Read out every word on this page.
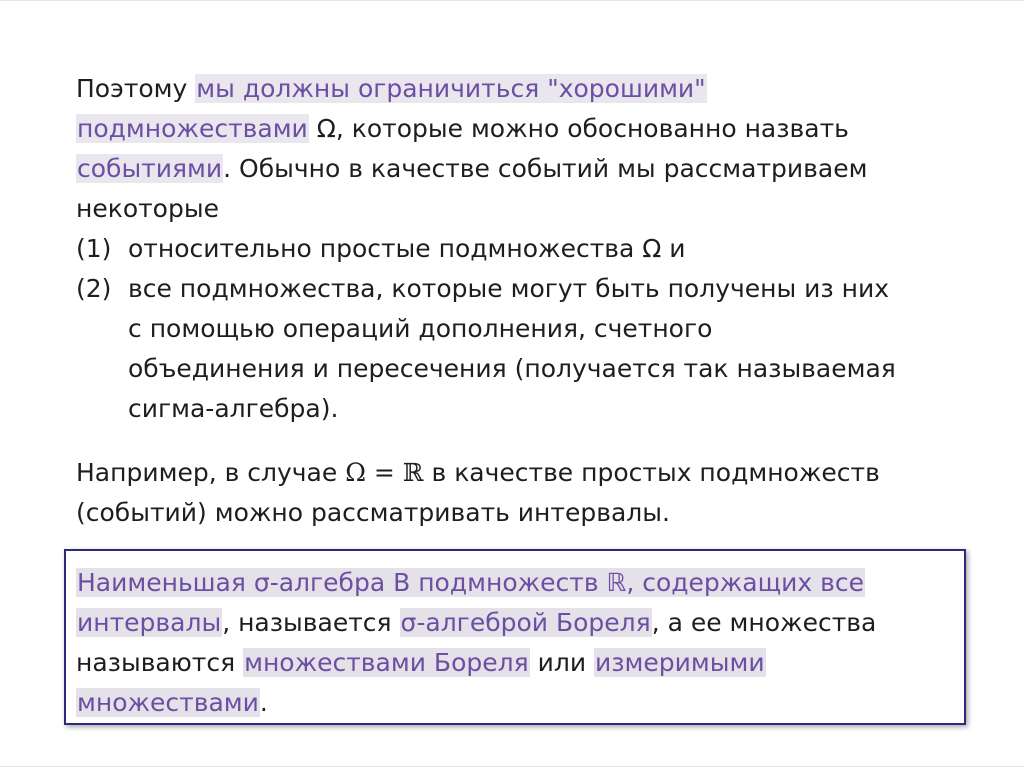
Поэтому мы должны ограничиться "хорошими"
подмножествами Ω, которые можно обоснованно назвать
событиями. Обычно в качестве событий мы рассматриваем
некоторые
(1) относительно простые подмножества Ω и
(2) все подмножества, которые могут быть получены из них
с помощью операций дополнения, счетного
объединения и пересечения (получается так называемая
сигма-алгебра).
Например, в случае Ω = ℝ в качестве простых подмножеств
(событий) можно рассматривать интервалы.
Наименьшая σ-алгебра B подмножеств ℝ, содержащих все
интервалы, называется σ-алгеброй Бореля, а ее множества
называются множествами Бореля или измеримыми
множествами.
